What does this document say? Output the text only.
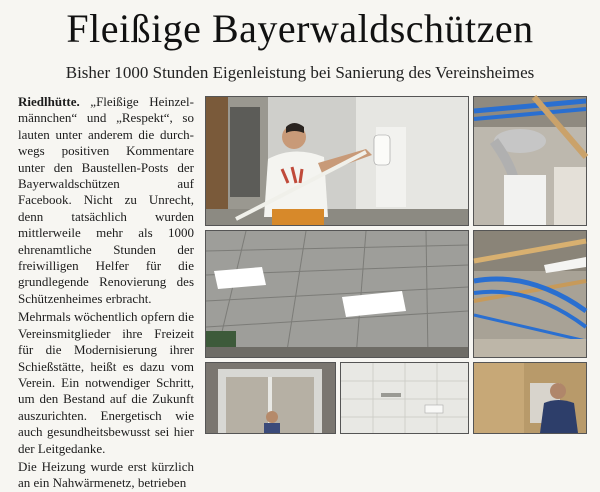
Fleißige Bayerwaldschützen
Bisher 1000 Stunden Eigenleistung bei Sanierung des Vereinsheimes

Riedlhütte. „Fleißige Heinzelmännchen“ und „Respekt“, so lauten unter anderem die durchwegs positiven Kommentare unter den Baustellen-Posts der Bayerwaldschützen auf Facebook. Nicht zu Unrecht, denn tatsächlich wurden mittlerweile mehr als 1000 ehrenamtliche Stunden der freiwilligen Helfer für die grundlegende Renovierung des Schützenheimes erbracht.

Mehrmals wöchentlich opfern die Vereinsmitglieder ihre Freizeit für die Modernisierung ihrer Schießstätte, heißt es dazu vom Verein. Ein notwendiger Schritt, um den Bestand auf die Zukunft auszurichten. Energetisch wie auch gesundheitsbewusst sei hier der Leitgedanke.

Die Heizung wurde erst kürzlich an ein Nahwärmenetz, betrieben
